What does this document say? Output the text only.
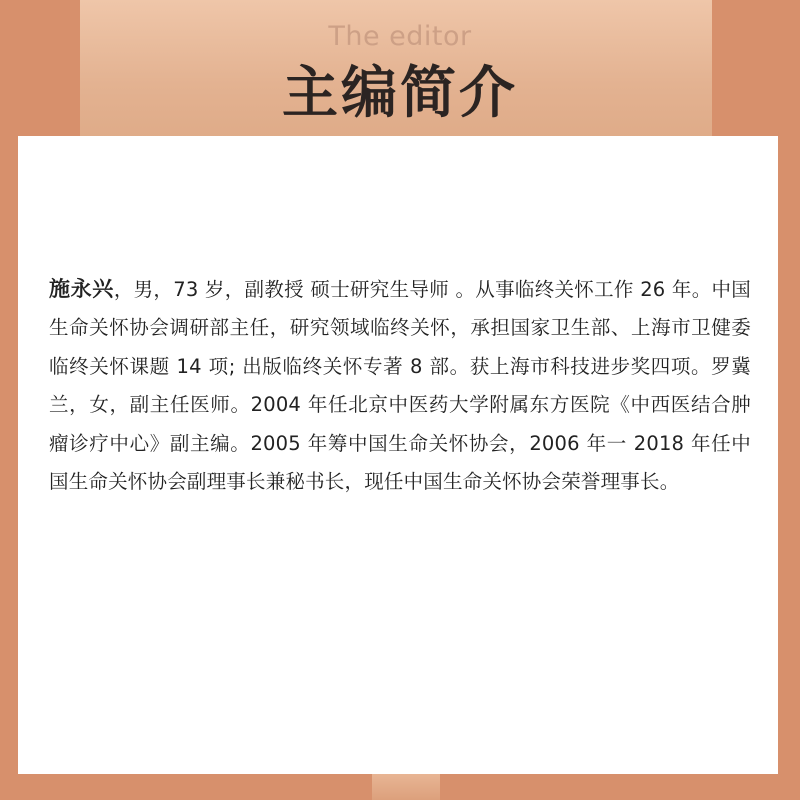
The editor
主编简介

施永兴，男，73 岁，副教授 硕士研究生导师 。从事临终关怀工作 26 年。中国生命关怀协会调研部主任，研究领域临终关怀，承担国家卫生部、上海市卫健委临终关怀课题 14 项; 出版临终关怀专著 8 部。获上海市科技进步奖四项。罗冀兰，女，副主任医师。2004 年任北京中医药大学附属东方医院《中西医结合肿瘤诊疗中心》副主编。2005 年筹中国生命关怀协会，2006 年一 2018 年任中国生命关怀协会副理事长兼秘书长，现任中国生命关怀协会荣誉理事长。
